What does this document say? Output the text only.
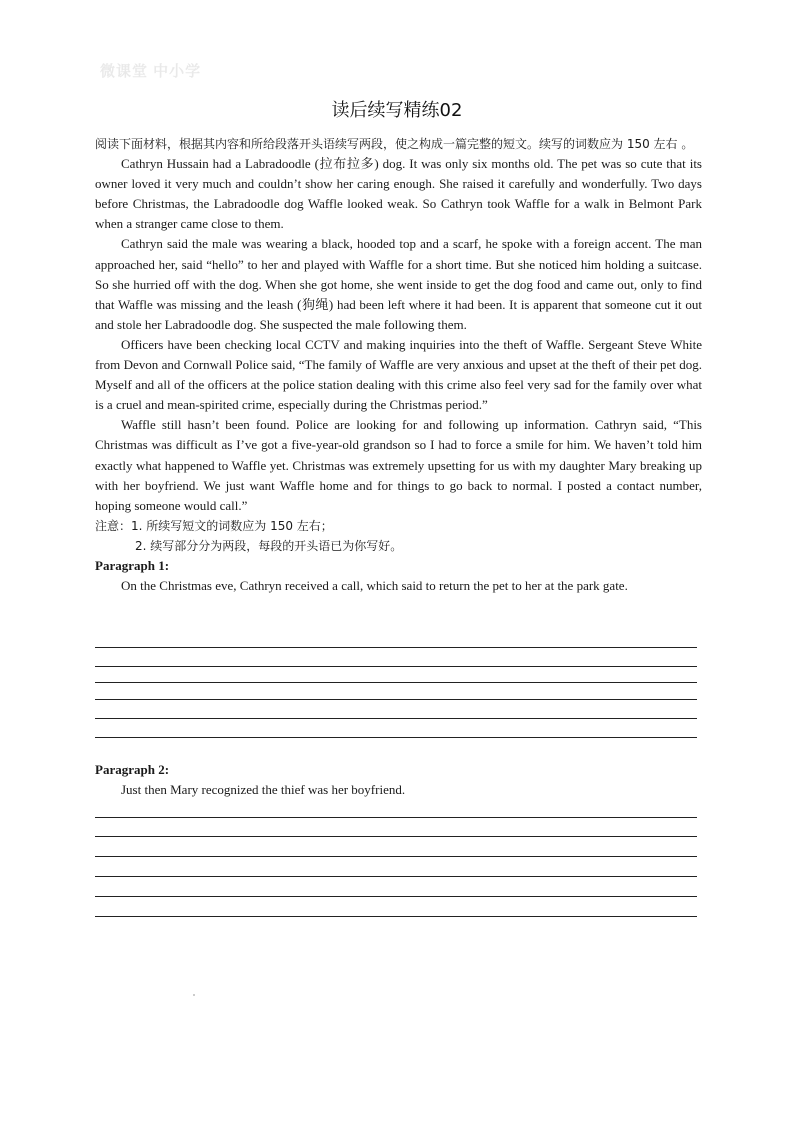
微课堂 中小学
读后续写精练02

阅读下面材料，根据其内容和所给段落开头语续写两段，使之构成一篇完整的短文。续写的词数应为 150 左右 。

Cathryn Hussain had a Labradoodle (拉布拉多) dog. It was only six months old. The pet was so cute that its owner loved it very much and couldn’t show her caring enough. She raised it carefully and wonderfully. Two days before Christmas, the Labradoodle dog Waffle looked weak. So Cathryn took Waffle for a walk in Belmont Park when a stranger came close to them.

Cathryn said the male was wearing a black, hooded top and a scarf, he spoke with a foreign accent. The man approached her, said “hello” to her and played with Waffle for a short time. But she noticed him holding a suitcase. So she hurried off with the dog. When she got home, she went inside to get the dog food and came out, only to find that Waffle was missing and the leash (狗绳) had been left where it had been. It is apparent that someone cut it out and stole her Labradoodle dog. She suspected the male following them.

Officers have been checking local CCTV and making inquiries into the theft of Waffle. Sergeant Steve White from Devon and Cornwall Police said, “The family of Waffle are very anxious and upset at the theft of their pet dog. Myself and all of the officers at the police station dealing with this crime also feel very sad for the family over what is a cruel and mean-spirited crime, especially during the Christmas period.”

Waffle still hasn’t been found. Police are looking for and following up information. Cathryn said, “This Christmas was difficult as I’ve got a five-year-old grandson so I had to force a smile for him. We haven’t told him exactly what happened to Waffle yet. Christmas was extremely upsetting for us with my daughter Mary breaking up with her boyfriend. We just want Waffle home and for things to go back to normal. I posted a contact number, hoping someone would call.”

注意：1. 所续写短文的词数应为 150 左右；

2. 续写部分分为两段，每段的开头语已为你写好。

Paragraph 1:

On the Christmas eve, Cathryn received a call, which said to return the pet to her at the park gate.

Paragraph 2:

Just then Mary recognized the thief was her boyfriend.
